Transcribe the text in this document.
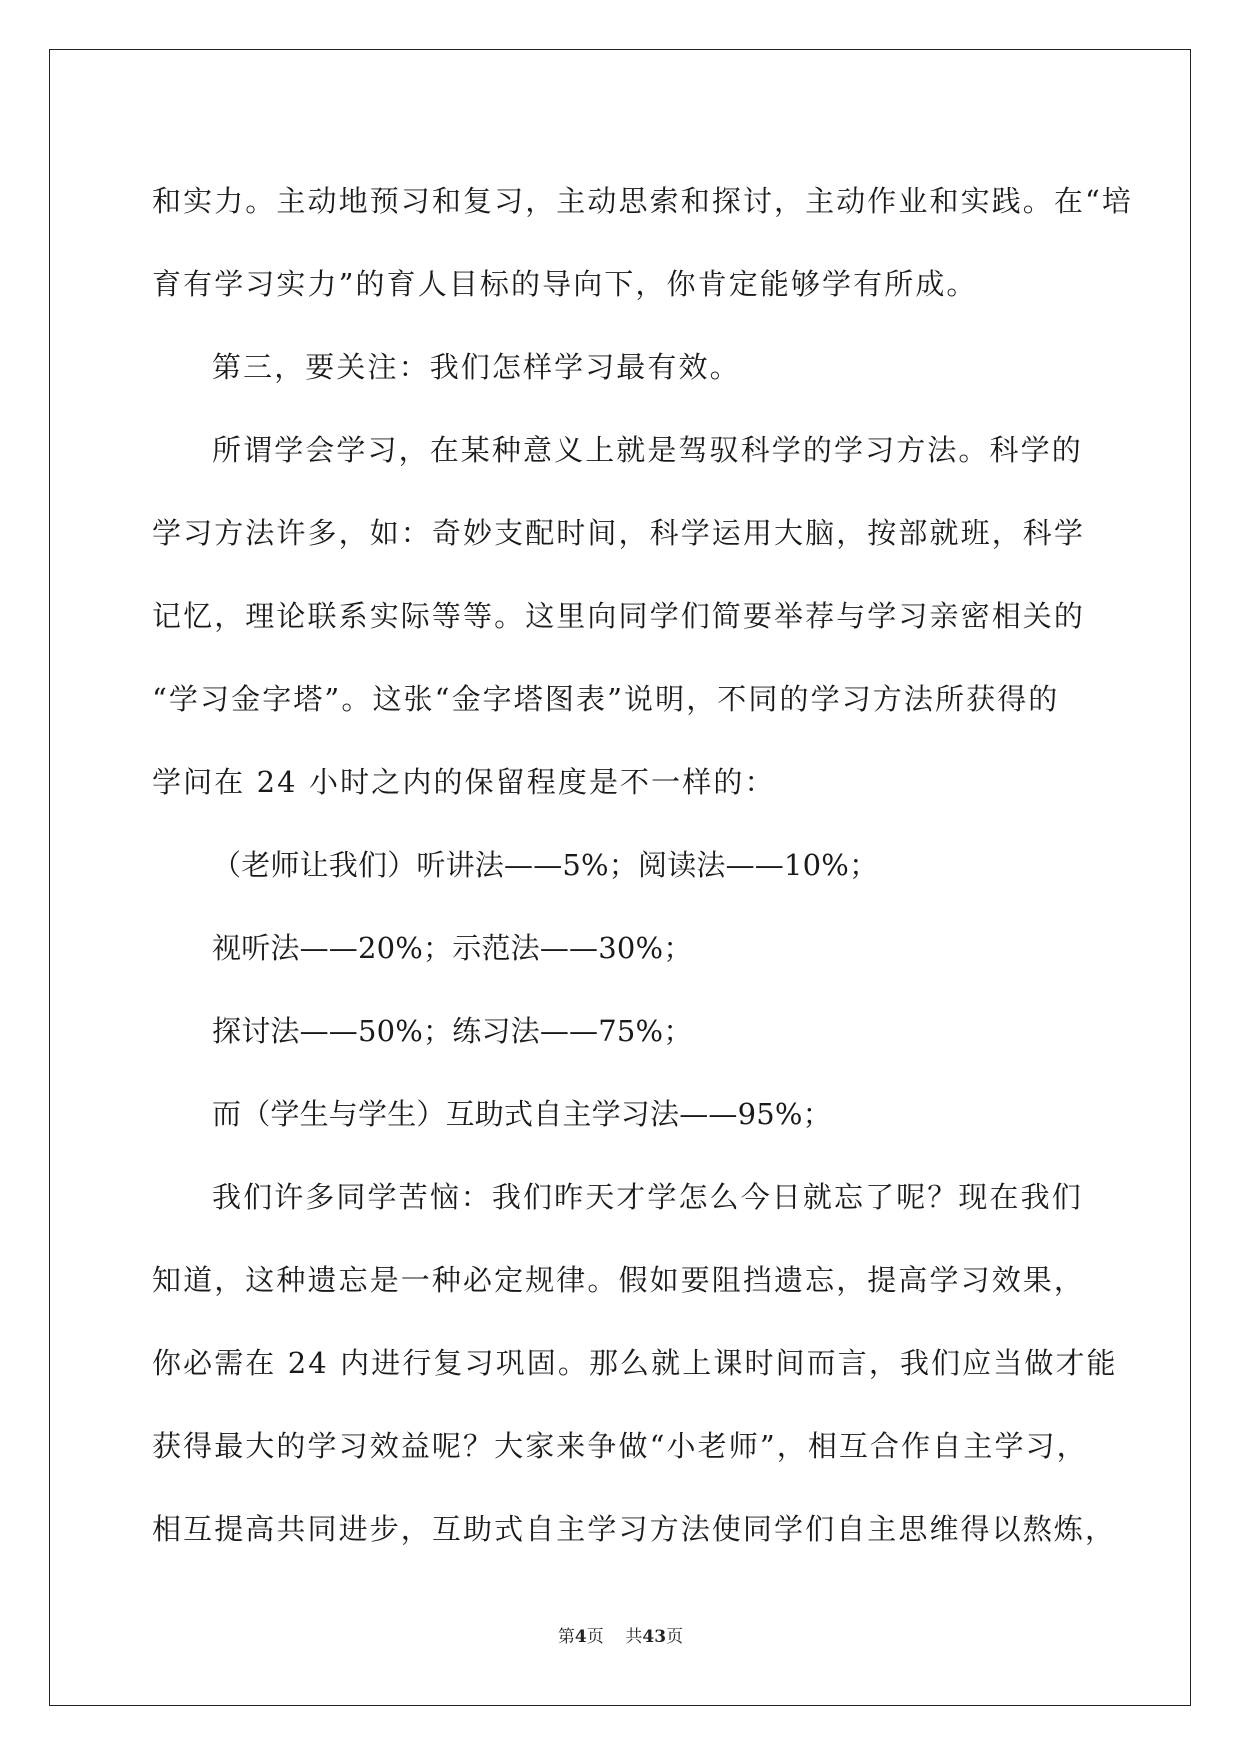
和实力。主动地预习和复习，主动思索和探讨，主动作业和实践。在“培
育有学习实力”的育人目标的导向下，你肯定能够学有所成。
第三，要关注：我们怎样学习最有效。
所谓学会学习，在某种意义上就是驾驭科学的学习方法。科学的
学习方法许多，如：奇妙支配时间，科学运用大脑，按部就班，科学
记忆，理论联系实际等等。这里向同学们简要举荐与学习亲密相关的
“学习金字塔”。这张“金字塔图表”说明，不同的学习方法所获得的
学问在 24 小时之内的保留程度是不一样的：
（老师让我们）听讲法——5%；阅读法——10%；
视听法——20%；示范法——30%；
探讨法——50%；练习法——75%；
而（学生与学生）互助式自主学习法——95%；
我们许多同学苦恼：我们昨天才学怎么今日就忘了呢？现在我们
知道，这种遗忘是一种必定规律。假如要阻挡遗忘，提高学习效果，
你必需在 24 内进行复习巩固。那么就上课时间而言，我们应当做才能
获得最大的学习效益呢？大家来争做“小老师”，相互合作自主学习，
相互提高共同进步，互助式自主学习方法使同学们自主思维得以熬炼，
第4页    共43页
